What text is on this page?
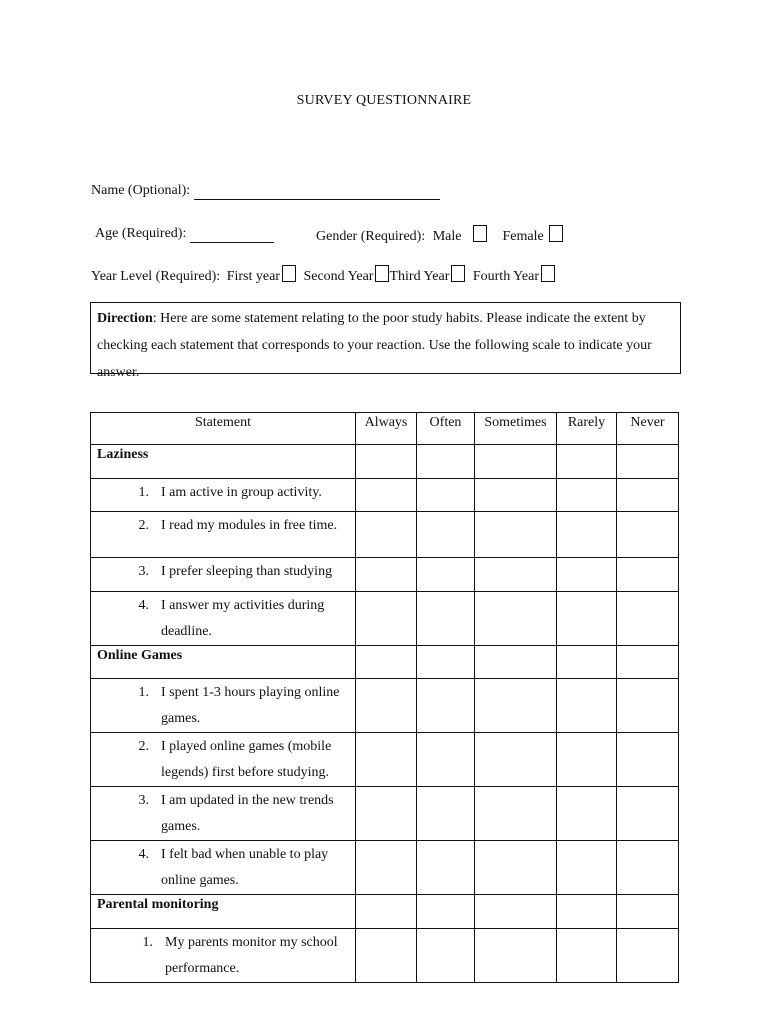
SURVEY QUESTIONNAIRE
Name (Optional):
Age (Required):	Gender (Required): Male	Female
Year Level (Required): First year Second Year Third Year Fourth Year
Direction: Here are some statement relating to the poor study habits. Please indicate the extent by checking each statement that corresponds to your reaction. Use the following scale to indicate your answer.
Statement	Always	Often	Sometimes	Rarely	Never
Laziness					

1. I am active in group activity.					

2. I read my modules in free time.					

3. I prefer sleeping than studying					

4. I answer my activities during deadline.					

Online Games					

1. I spent 1-3 hours playing online games.					

2. I played online games (mobile legends) first before studying.					

3. I am updated in the new trends games.					

4. I felt bad when unable to play online games.					

Parental monitoring					

1. My parents monitor my school performance.					
